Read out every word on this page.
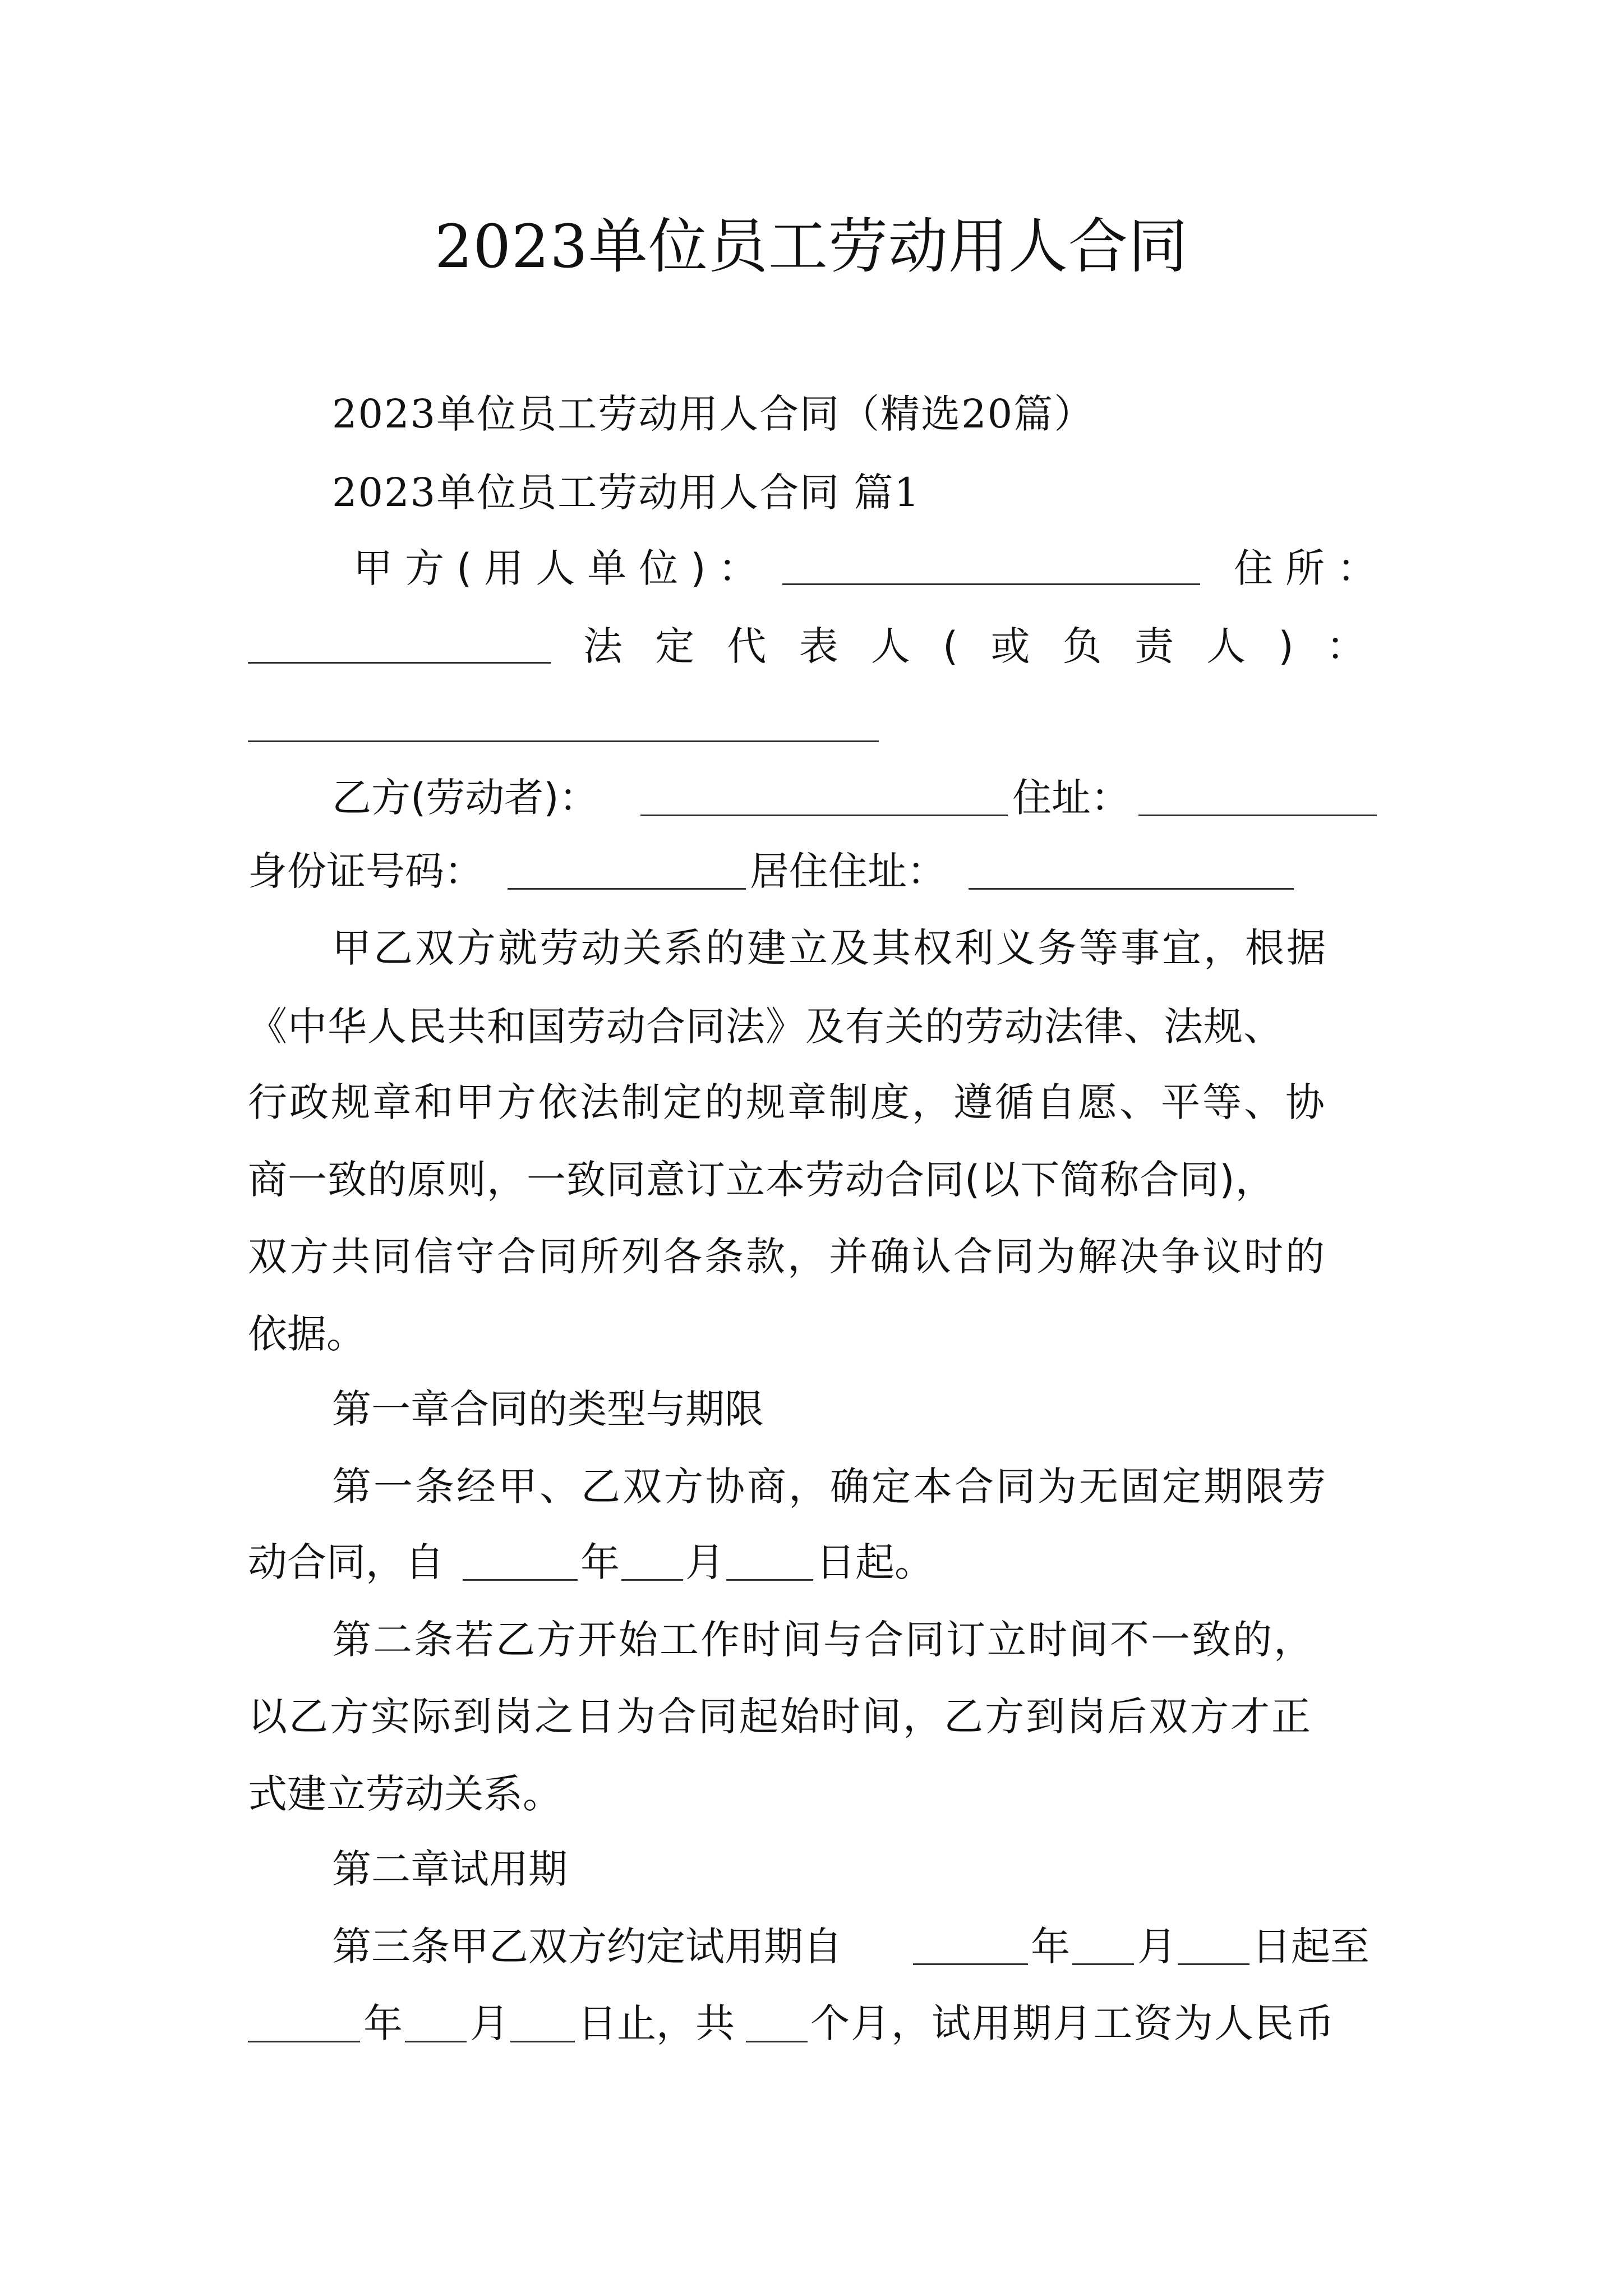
2023单位员工劳动用人合同
2023单位员工劳动用人合同（精选20篇）
2023单位员工劳动用人合同 篇1
甲方(用人单位)：	住所：
法 定 代 表 人 ( 或 负 责 人 ) ：
乙方(劳动者)：	住址：
身份证号码：	居住住址：
甲乙双方就劳动关系的建立及其权利义务等事宜，根据
《中华人民共和国劳动合同法》及有关的劳动法律、法规、
行政规章和甲方依法制定的规章制度，遵循自愿、平等、协
商一致的原则，一致同意订立本劳动合同(以下简称合同)，
双方共同信守合同所列各条款，并确认合同为解决争议时的
依据。
第一章合同的类型与期限
第一条经甲、乙双方协商，确定本合同为无固定期限劳
动合同，自	年 月 日起。
第二条若乙方开始工作时间与合同订立时间不一致的，
以乙方实际到岗之日为合同起始时间，乙方到岗后双方才正
式建立劳动关系。
第二章试用期
第三条甲乙双方约定试用期自	年 月 日起至
年 月 日止，共 个月，试用期月工资为人民币
